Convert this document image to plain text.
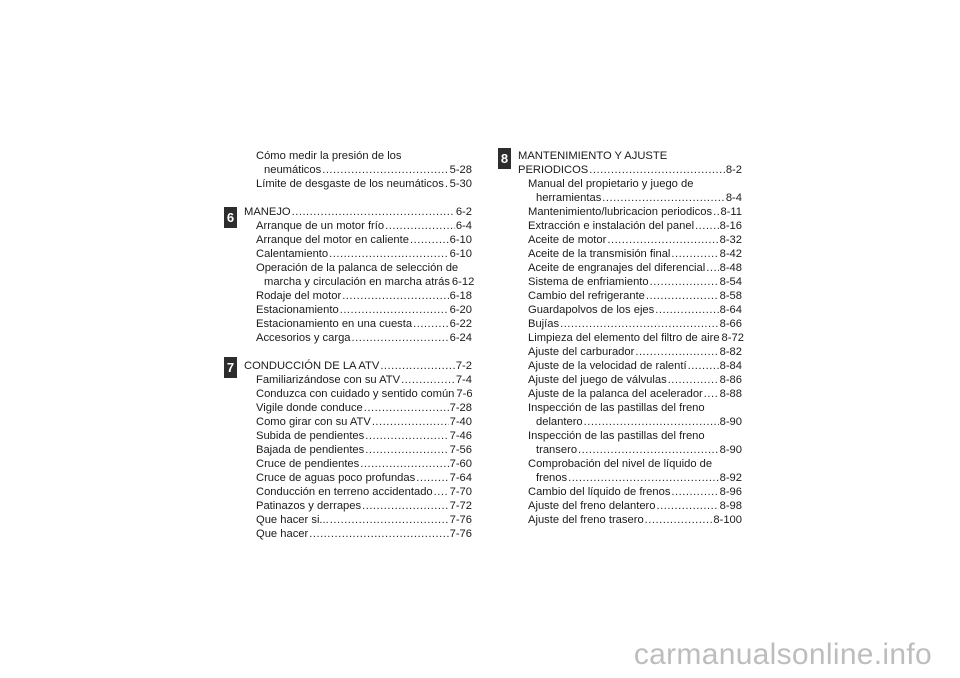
6
7
8
Cómo medir la presión de los
neumáticos .....	5-28
Límite de desgaste de los neumáticos ..... 5-30
MANEJO .....	6-2
Arranque de un motor frío .....	6-4
Arranque del motor en caliente .....	6-10
Calentamiento .....	6-10
Operación de la palanca de selección de
marcha y circulación en marcha atrás 6-12
Rodaje del motor .....	6-18
Estacionamiento .....	6-20
Estacionamiento en una cuesta .....	6-22
Accesorios y carga .....	6-24
CONDUCCIÓN DE LA ATV .....	7-2
Familiarizándose con su ATV .....	7-4
Conduzca con cuidado y sentido común 7-6
Vigile donde conduce .....	7-28
Como girar con su ATV .....	7-40
Subida de pendientes .....	7-46
Bajada de pendientes .....	7-56
Cruce de pendientes .....	7-60
Cruce de aguas poco profundas .....	7-64
Conducción en terreno accidentado ..... 7-70
Patinazos y derrapes .....	7-72
Que hacer si... .....	7-76
Que hacer .....	7-76
MANTENIMIENTO Y AJUSTE
PERIODICOS .....	8-2
Manual del propietario y juego de
herramientas .....	8-4
Mantenimiento/lubricacion periodicos ..... 8-11
Extracción e instalación del panel ..... 8-16
Aceite de motor .....	8-32
Aceite de la transmisión final .....	8-42
Aceite de engranajes del diferencial ..... 8-48
Sistema de enfriamiento .....	8-54
Cambio del refrigerante .....	8-58
Guardapolvos de los ejes .....	8-64
Bujías .....	8-66
Limpieza del elemento del filtro de aire 8-72
Ajuste del carburador .....	8-82
Ajuste de la velocidad de ralentí .....	8-84
Ajuste del juego de válvulas .....	8-86
Ajuste de la palanca del acelerador ..... 8-88
Inspección de las pastillas del freno
delantero .....	8-90
Inspección de las pastillas del freno
transero .....	8-90
Comprobación del nivel de líquido de
frenos .....	8-92
Cambio del líquido de frenos .....	8-96
Ajuste del freno delantero .....	8-98
Ajuste del freno trasero .....	8-100
carmanualsonline.info
